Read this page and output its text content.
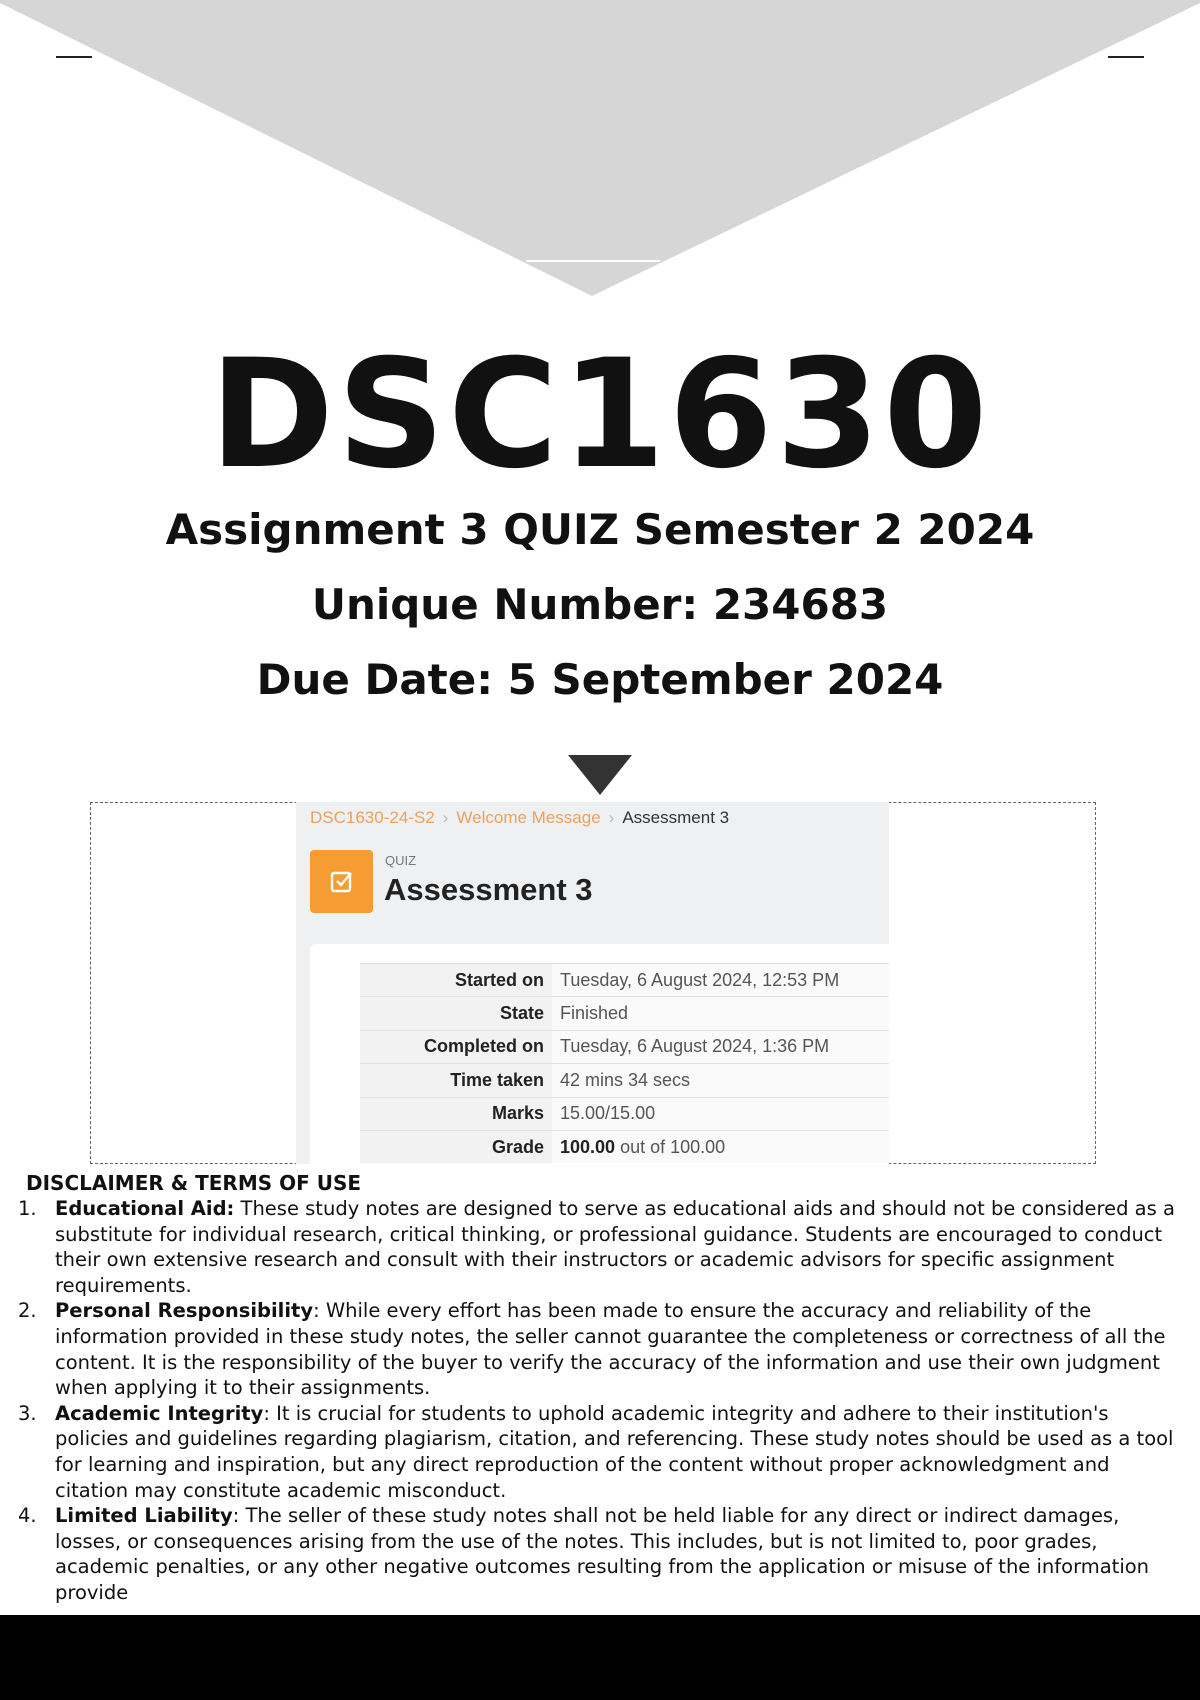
DSC1630
Assignment 3 QUIZ Semester 2 2024
Unique Number: 234683
Due Date: 5 September 2024
DSC1630-24-S2 › Welcome Message › Assessment 3
QUIZ
Assessment 3
Started on	Tuesday, 6 August 2024, 12:53 PM
State	Finished
Completed on	Tuesday, 6 August 2024, 1:36 PM
Time taken	42 mins 34 secs
Marks	15.00/15.00
Grade	100.00 out of 100.00
DISCLAIMER & TERMS OF USE
1. Educational Aid: These study notes are designed to serve as educational aids and should not be considered as a substitute for individual research, critical thinking, or professional guidance. Students are encouraged to conduct their own extensive research and consult with their instructors or academic advisors for specific assignment requirements.
2. Personal Responsibility: While every effort has been made to ensure the accuracy and reliability of the information provided in these study notes, the seller cannot guarantee the completeness or correctness of all the content. It is the responsibility of the buyer to verify the accuracy of the information and use their own judgment when applying it to their assignments.
3. Academic Integrity: It is crucial for students to uphold academic integrity and adhere to their institution's policies and guidelines regarding plagiarism, citation, and referencing. These study notes should be used as a tool for learning and inspiration, but any direct reproduction of the content without proper acknowledgment and citation may constitute academic misconduct.
4. Limited Liability: The seller of these study notes shall not be held liable for any direct or indirect damages, losses, or consequences arising from the use of the notes. This includes, but is not limited to, poor grades, academic penalties, or any other negative outcomes resulting from the application or misuse of the information provide
